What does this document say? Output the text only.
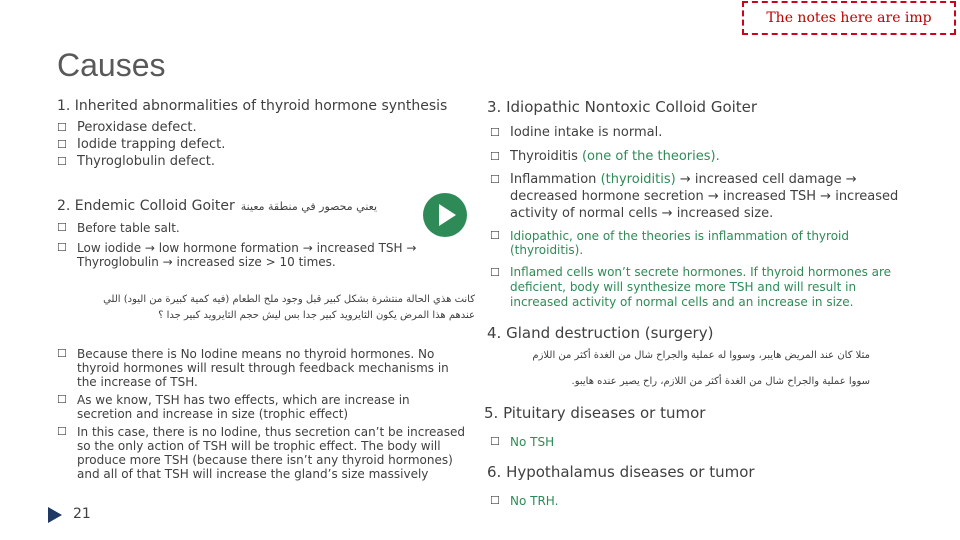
The notes here are imp
Causes
1. Inherited abnormalities of thyroid hormone synthesis
☐ Peroxidase defect.
☐ Iodide trapping defect.
☐ Thyroglobulin defect.
2. Endemic Colloid Goiter يعني محصور في منطقة معينة
☐ Before table salt.
☐ Low iodide → low hormone formation → increased TSH → Thyroglobulin → increased size > 10 times.
كانت هذي الحالة منتشرة بشكل كبير قبل وجود ملح الطعام (فيه كمية كبيرة من اليود) اللي
عندهم هذا المرض يكون الثايرويد كبير جدا بس ليش حجم الثايرويد كبير جدا ؟
☐ Because there is No Iodine means no thyroid hormones. No thyroid hormones will result through feedback mechanisms in the increase of TSH.
☐ As we know, TSH has two effects, which are increase in secretion and increase in size (trophic effect)
☐ In this case, there is no Iodine, thus secretion can’t be increased so the only action of TSH will be trophic effect. The body will produce more TSH (because there isn’t any thyroid hormones) and all of that TSH will increase the gland’s size massively
21
3. Idiopathic Nontoxic Colloid Goiter
☐ Iodine intake is normal.
☐ Thyroiditis (one of the theories).
☐ Inflammation (thyroiditis) → increased cell damage → decreased hormone secretion → increased TSH → increased activity of normal cells → increased size.
☐ Idiopathic, one of the theories is inflammation of thyroid (thyroiditis).
☐ Inflamed cells won’t secrete hormones. If thyroid hormones are deficient, body will synthesize more TSH and will result in increased activity of normal cells and an increase in size.
4. Gland destruction (surgery)
مثلا كان عند المريض هايبر، وسووا له عملية والجراح شال من الغدة أكثر من اللازم
سووا عملية والجراح شال من الغدة أكثر من اللازم، راح يصير عنده هايبو.
5. Pituitary diseases or tumor
☐ No TSH
6. Hypothalamus diseases or tumor
☐ No TRH.
